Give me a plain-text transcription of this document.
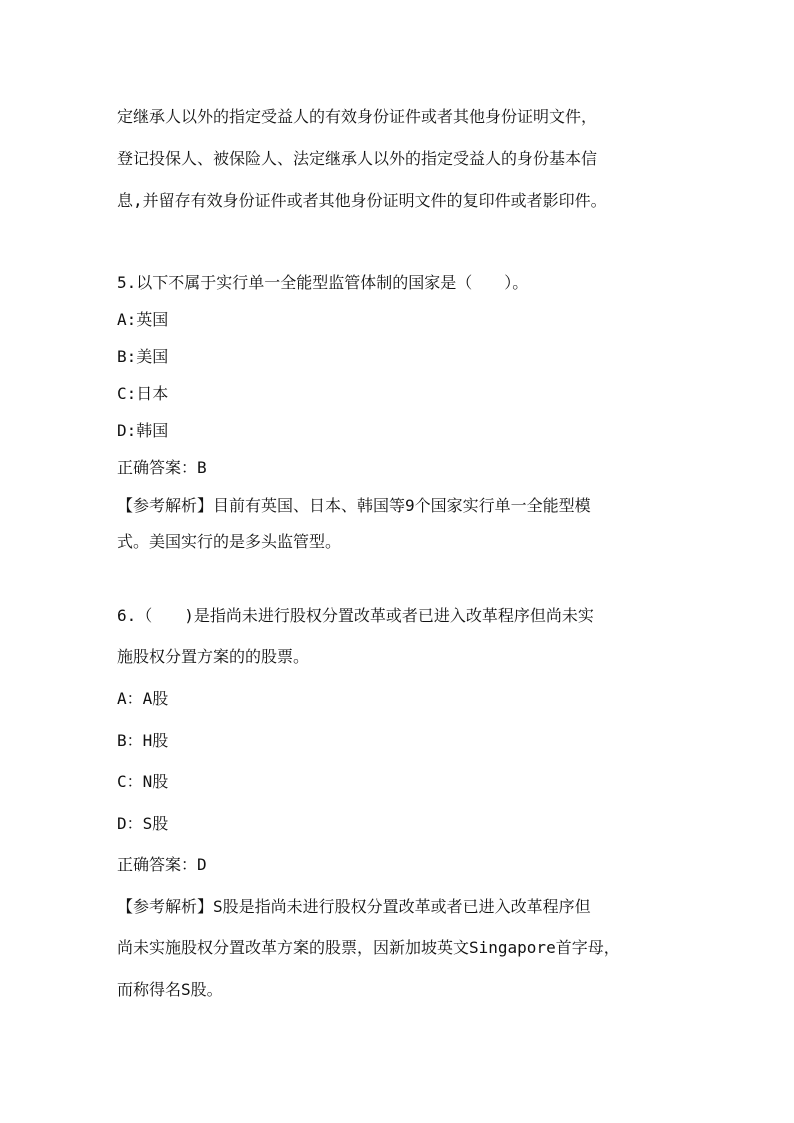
定继承人以外的指定受益人的有效身份证件或者其他身份证明文件，
登记投保人、被保险人、法定继承人以外的指定受益人的身份基本信
息,并留存有效身份证件或者其他身份证明文件的复印件或者影印件。
5.以下不属于实行单一全能型监管体制的国家是（　　）。
A:英国
B:美国
C:日本
D:韩国
正确答案：B
【参考解析】目前有英国、日本、韩国等9个国家实行单一全能型模
式。美国实行的是多头监管型。
6.（　　)是指尚未进行股权分置改革或者已进入改革程序但尚未实
施股权分置方案的的股票。
A：A股
B：H股
C：N股
D：S股
正确答案：D
【参考解析】S股是指尚未进行股权分置改革或者已进入改革程序但
尚未实施股权分置改革方案的股票，因新加坡英文Singapore首字母，
而称得名S股。
